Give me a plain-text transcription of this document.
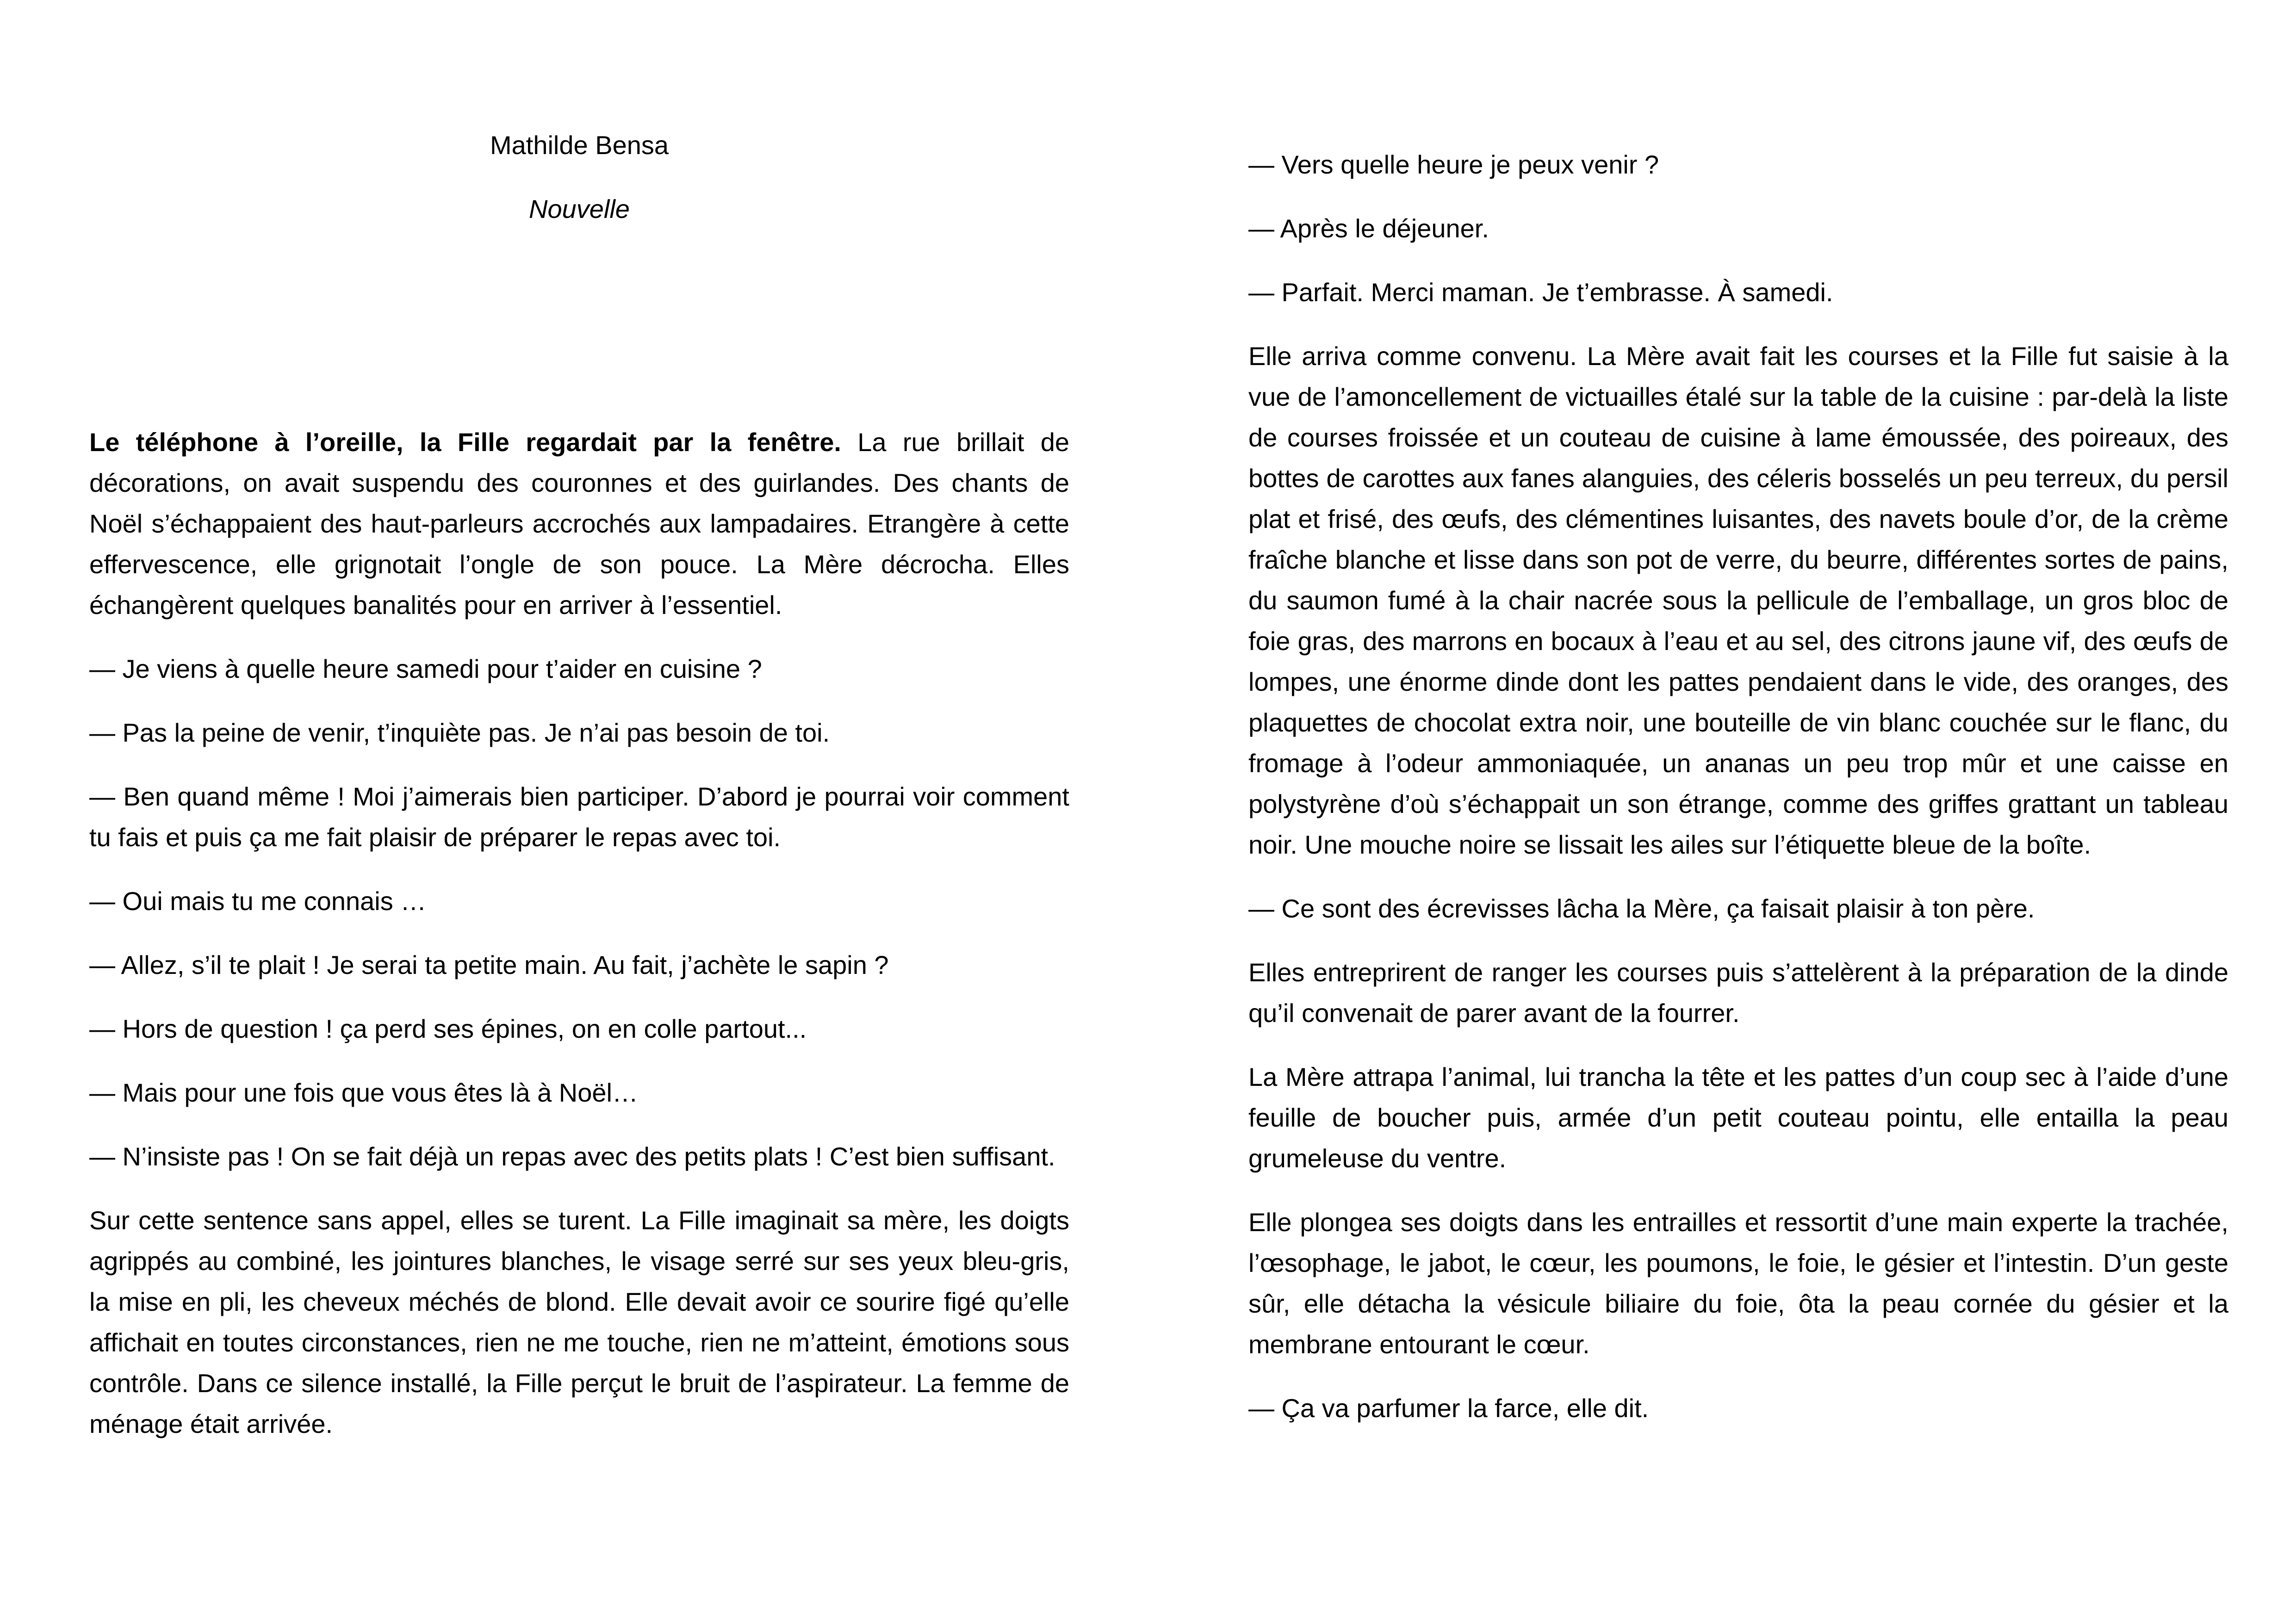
Mathilde Bensa

Nouvelle

Le téléphone à l’oreille, la Fille regardait par la fenêtre. La rue brillait de décorations, on avait suspendu des couronnes et des guirlandes. Des chants de Noël s’échappaient des haut-parleurs accrochés aux lampadaires. Etrangère à cette effervescence, elle grignotait l’ongle de son pouce. La Mère décrocha. Elles échangèrent quelques banalités pour en arriver à l’essentiel.

— Je viens à quelle heure samedi pour t’aider en cuisine ?

— Pas la peine de venir, t’inquiète pas. Je n’ai pas besoin de toi.

— Ben quand même ! Moi j’aimerais bien participer. D’abord je pourrai voir comment tu fais et puis ça me fait plaisir de préparer le repas avec toi.

— Oui mais tu me connais …

— Allez, s’il te plait ! Je serai ta petite main. Au fait, j’achète le sapin ?

— Hors de question ! ça perd ses épines, on en colle partout...

— Mais pour une fois que vous êtes là à Noël…

— N’insiste pas ! On se fait déjà un repas avec des petits plats ! C’est bien suffisant.

Sur cette sentence sans appel, elles se turent. La Fille imaginait sa mère, les doigts agrippés au combiné, les jointures blanches, le visage serré sur ses yeux bleu-gris, la mise en pli, les cheveux méchés de blond. Elle devait avoir ce sourire figé qu’elle affichait en toutes circonstances, rien ne me touche, rien ne m’atteint, émotions sous contrôle. Dans ce silence installé, la Fille perçut le bruit de l’aspirateur. La femme de ménage était arrivée.

— Vers quelle heure je peux venir ?

— Après le déjeuner.

— Parfait. Merci maman. Je t’embrasse. À samedi.

Elle arriva comme convenu. La Mère avait fait les courses et la Fille fut saisie à la vue de l’amoncellement de victuailles étalé sur la table de la cuisine : par-delà la liste de courses froissée et un couteau de cuisine à lame émoussée, des poireaux, des bottes de carottes aux fanes alanguies, des céleris bosselés un peu terreux, du persil plat et frisé, des œufs, des clémentines luisantes, des navets boule d’or, de la crème fraîche blanche et lisse dans son pot de verre, du beurre, différentes sortes de pains, du saumon fumé à la chair nacrée sous la pellicule de l’emballage, un gros bloc de foie gras, des marrons en bocaux à l’eau et au sel, des citrons jaune vif, des œufs de lompes, une énorme dinde dont les pattes pendaient dans le vide, des oranges, des plaquettes de chocolat extra noir, une bouteille de vin blanc couchée sur le flanc, du fromage à l’odeur ammoniaquée, un ananas un peu trop mûr et une caisse en polystyrène d’où s’échappait un son étrange, comme des griffes grattant un tableau noir. Une mouche noire se lissait les ailes sur l’étiquette bleue de la boîte.

— Ce sont des écrevisses lâcha la Mère, ça faisait plaisir à ton père.

Elles entreprirent de ranger les courses puis s’attelèrent à la préparation de la dinde qu’il convenait de parer avant de la fourrer.

La Mère attrapa l’animal, lui trancha la tête et les pattes d’un coup sec à l’aide d’une feuille de boucher puis, armée d’un petit couteau pointu, elle entailla la peau grumeleuse du ventre.

Elle plongea ses doigts dans les entrailles et ressortit d’une main experte la trachée, l’œsophage, le jabot, le cœur, les poumons, le foie, le gésier et l’intestin. D’un geste sûr, elle détacha la vésicule biliaire du foie, ôta la peau cornée du gésier et la membrane entourant le cœur.

— Ça va parfumer la farce, elle dit.
